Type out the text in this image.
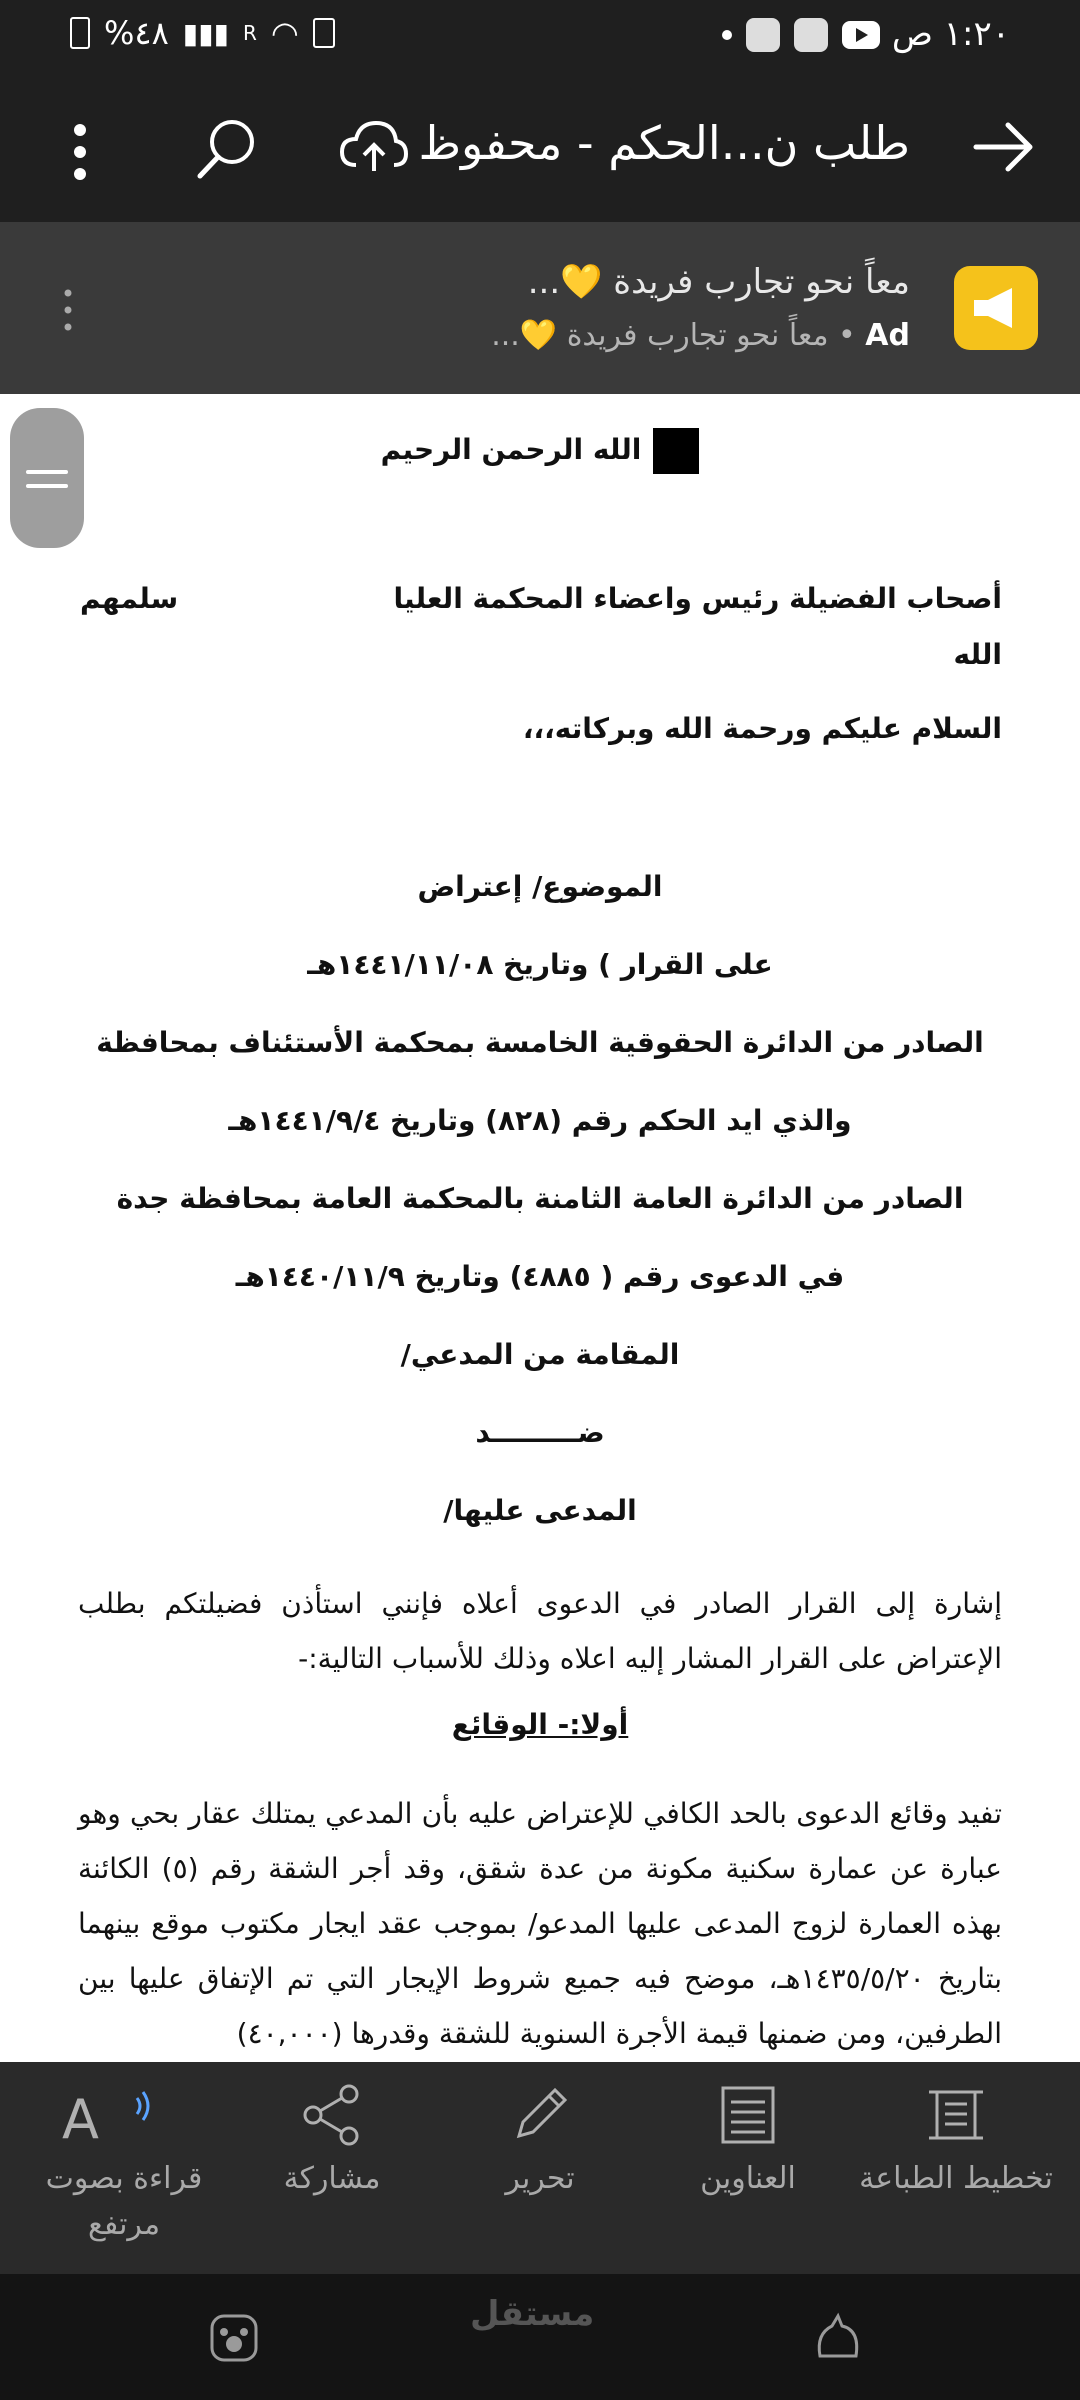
%٤٨ ▮▮▮ R ◠	١:٢٠ ص
طلب ن...الحكم - محفوظ
معاً نحو تجارب فريدة 💛...
Ad • معاً نحو تجارب فريدة 💛...
الله الرحمن الرحيم
أصحاب الفضيلة رئيس واعضاء المحكمة العليا
سلمهم
الله
السلام عليكم ورحمة الله وبركاته،،،
الموضوع/ إعتراض
على القرار ) وتاريخ ١٤٤١/١١/٠٨هـ
الصادر من الدائرة الحقوقية الخامسة بمحكمة الأستئناف بمحافظة
والذي ايد الحكم رقم (٨٢٨) وتاريخ ١٤٤١/٩/٤هـ
الصادر من الدائرة العامة الثامنة بالمحكمة العامة بمحافظة جدة
في الدعوى رقم ( ٤٨٨٥) وتاريخ ١٤٤٠/١١/٩هـ
المقامة من المدعي/
ضـــــــــد
المدعى عليها/
إشارة إلى القرار الصادر في الدعوى أعلاه فإنني استأذن فضيلتكم بطلب الإعتراض على القرار المشار إليه اعلاه وذلك للأسباب التالية:-
أولا:- الوقائع
تفيد وقائع الدعوى بالحد الكافي للإعتراض عليه بأن المدعي يمتلك عقار بحي وهو عبارة عن عمارة سكنية مكونة من عدة شقق، وقد أجر الشقة رقم (٥) الكائنة بهذه العمارة لزوج المدعى عليها المدعو/ بموجب عقد ايجار مكتوب موقع بينهما بتاريخ ١٤٣٥/٥/٢٠هـ، موضح فيه جميع شروط الإيجار التي تم الإتفاق عليها بين الطرفين، ومن ضمنها قيمة الأجرة السنوية للشقة وقدرها (٤٠,٠٠٠)
A
قراءة بصوت مرتفع
مشاركة	تحرير	العناوين	تخطيط الطباعة
مستقل
